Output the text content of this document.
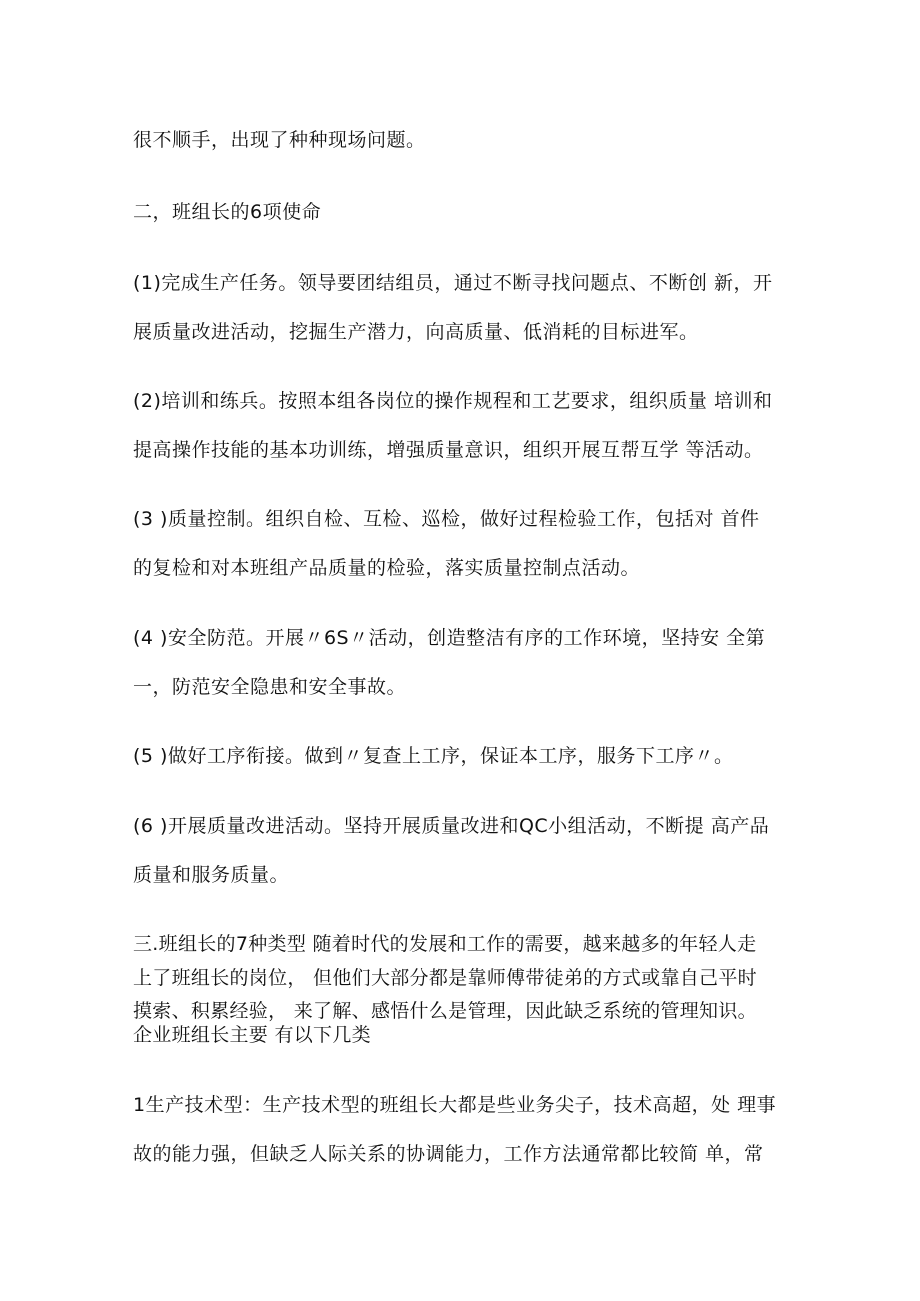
很不顺手，出现了种种现场问题。
二，班组长的6项使命
(1)完成生产任务。领导要团结组员，通过不断寻找问题点、不断创 新，开
展质量改进活动，挖掘生产潜力，向高质量、低消耗的目标进军。
(2)培训和练兵。按照本组各岗位的操作规程和工艺要求，组织质量 培训和
提高操作技能的基本功训练，增强质量意识，组织开展互帮互学 等活动。
(3 )质量控制。组织自检、互检、巡检，做好过程检验工作，包括对 首件
的复检和对本班组产品质量的检验，落实质量控制点活动。
(4 )安全防范。开展〃6S〃活动，创造整洁有序的工作环境，坚持安 全第
一，防范安全隐患和安全事故。
(5 )做好工序衔接。做到〃复查上工序，保证本工序，服务下工序〃。
(6 )开展质量改进活动。坚持开展质量改进和QC小组活动，不断提 高产品
质量和服务质量。
三.班组长的7种类型 随着时代的发展和工作的需要，越来越多的年轻人走
上了班组长的岗位， 但他们大部分都是靠师傅带徒弟的方式或靠自己平时
摸索、积累经验， 来了解、感悟什么是管理，因此缺乏系统的管理知识。
企业班组长主要 有以下几类
1生产技术型：生产技术型的班组长大都是些业务尖子，技术高超，处 理事
故的能力强，但缺乏人际关系的协调能力，工作方法通常都比较简 单，常
